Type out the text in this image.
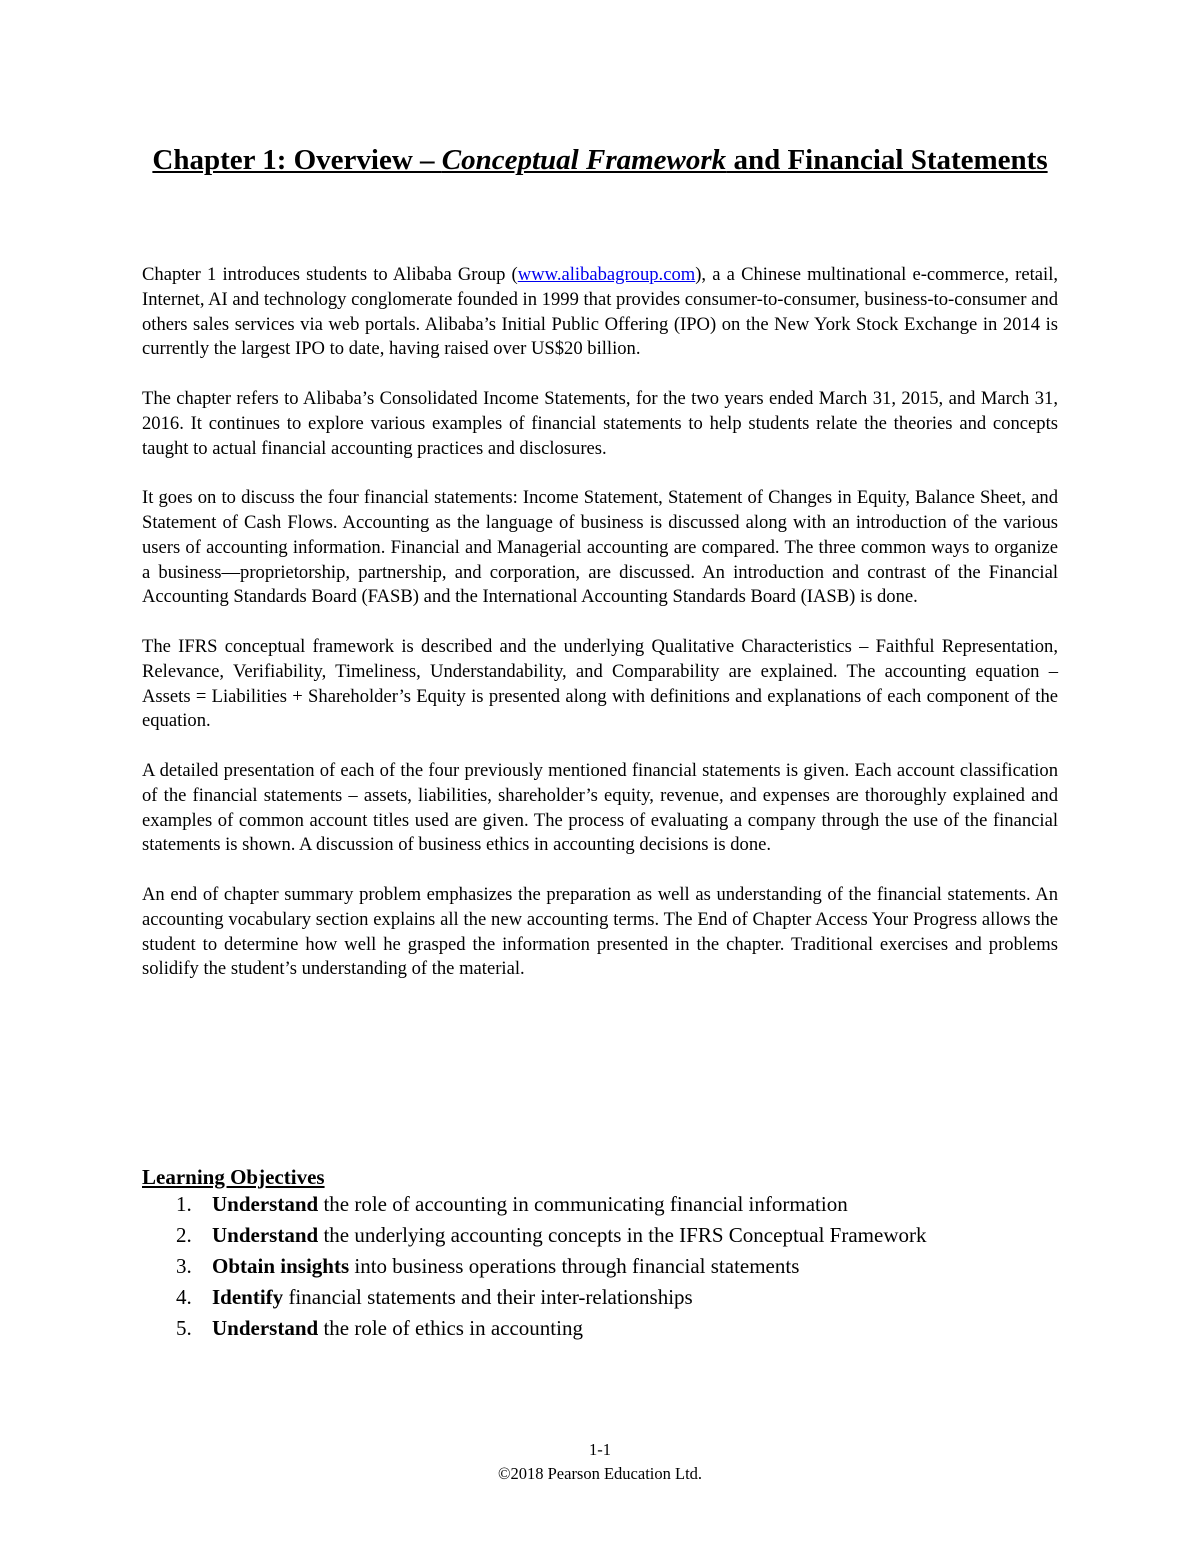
Chapter 1: Overview – Conceptual Framework and Financial Statements

Chapter 1 introduces students to Alibaba Group (www.alibabagroup.com), a a Chinese multinational e-commerce, retail, Internet, AI and technology conglomerate founded in 1999 that provides consumer-to-consumer, business-to-consumer and others sales services via web portals. Alibaba’s Initial Public Offering (IPO) on the New York Stock Exchange in 2014 is currently the largest IPO to date, having raised over US$20 billion.

The chapter refers to Alibaba’s Consolidated Income Statements, for the two years ended March 31, 2015, and March 31, 2016. It continues to explore various examples of financial statements to help students relate the theories and concepts taught to actual financial accounting practices and disclosures.

It goes on to discuss the four financial statements: Income Statement, Statement of Changes in Equity, Balance Sheet, and Statement of Cash Flows. Accounting as the language of business is discussed along with an introduction of the various users of accounting information. Financial and Managerial accounting are compared. The three common ways to organize a business—proprietorship, partnership, and corporation, are discussed. An introduction and contrast of the Financial Accounting Standards Board (FASB) and the International Accounting Standards Board (IASB) is done.

The IFRS conceptual framework is described and the underlying Qualitative Characteristics – Faithful Representation, Relevance, Verifiability, Timeliness, Understandability, and Comparability are explained. The accounting equation – Assets = Liabilities + Shareholder’s Equity is presented along with definitions and explanations of each component of the equation.

A detailed presentation of each of the four previously mentioned financial statements is given. Each account classification of the financial statements – assets, liabilities, shareholder’s equity, revenue, and expenses are thoroughly explained and examples of common account titles used are given. The process of evaluating a company through the use of the financial statements is shown. A discussion of business ethics in accounting decisions is done.

An end of chapter summary problem emphasizes the preparation as well as understanding of the financial statements. An accounting vocabulary section explains all the new accounting terms. The End of Chapter Access Your Progress allows the student to determine how well he grasped the information presented in the chapter. Traditional exercises and problems solidify the student’s understanding of the material.

Learning Objectives
1. Understand the role of accounting in communicating financial information
2. Understand the underlying accounting concepts in the IFRS Conceptual Framework
3. Obtain insights into business operations through financial statements
4. Identify financial statements and their inter-relationships
5. Understand the role of ethics in accounting
1-1
©2018 Pearson Education Ltd.
